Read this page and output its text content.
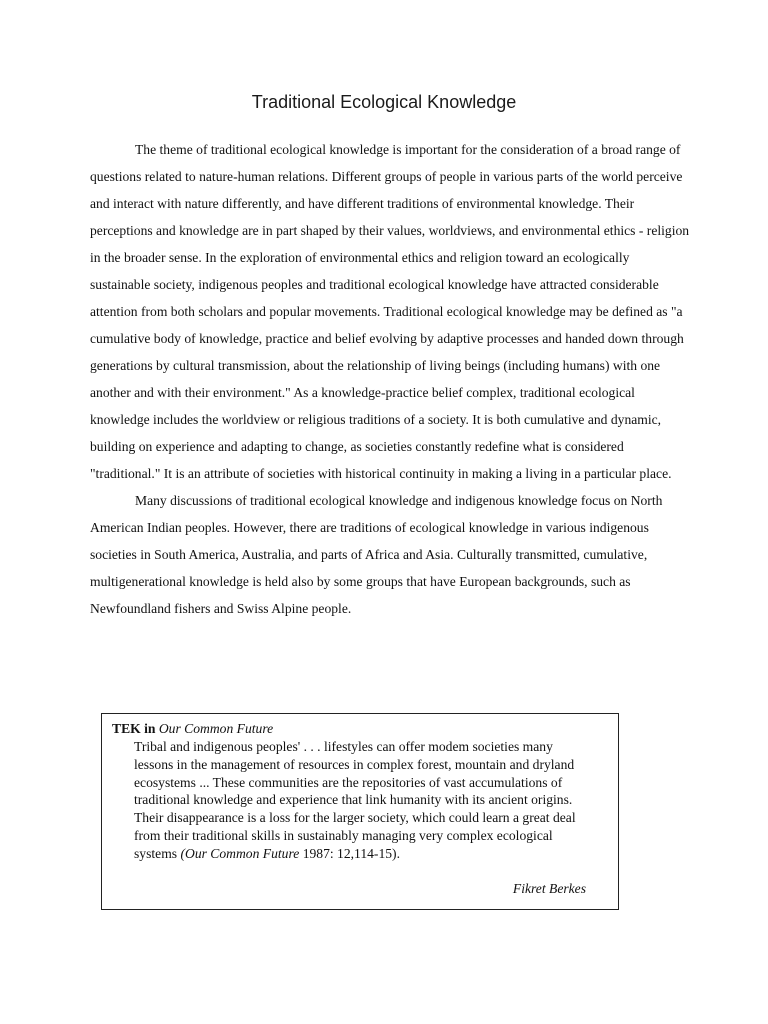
Traditional Ecological Knowledge

The theme of traditional ecological knowledge is important for the consideration of a broad range of questions related to nature-human relations. Different groups of people in various parts of the world perceive and interact with nature differently, and have different traditions of environmental knowledge. Their perceptions and knowledge are in part shaped by their values, worldviews, and environmental ethics - religion in the broader sense. In the exploration of environmental ethics and religion toward an ecologically sustainable society, indigenous peoples and traditional ecological knowledge have attracted considerable attention from both scholars and popular movements. Traditional ecological knowledge may be defined as "a cumulative body of knowledge, practice and belief evolving by adaptive processes and handed down through generations by cultural transmission, about the relationship of living beings (including humans) with one another and with their environment." As a knowledge-practice belief complex, traditional ecological knowledge includes the worldview or religious traditions of a society. It is both cumulative and dynamic, building on experience and adapting to change, as societies constantly redefine what is considered "traditional." It is an attribute of societies with historical continuity in making a living in a particular place.

Many discussions of traditional ecological knowledge and indigenous knowledge focus on North American Indian peoples. However, there are traditions of ecological knowledge in various indigenous societies in South America, Australia, and parts of Africa and Asia. Culturally transmitted, cumulative, multigenerational knowledge is held also by some groups that have European backgrounds, such as Newfoundland fishers and Swiss Alpine people.

TEK in Our Common Future
Tribal and indigenous peoples' . . . lifestyles can offer modem societies many lessons in the management of resources in complex forest, mountain and dryland ecosystems ... These communities are the repositories of vast accumulations of traditional knowledge and experience that link humanity with its ancient origins. Their disappearance is a loss for the larger society, which could learn a great deal from their traditional skills in sustainably managing very complex ecological systems (Our Common Future 1987: 12,114-15).
Fikret Berkes
